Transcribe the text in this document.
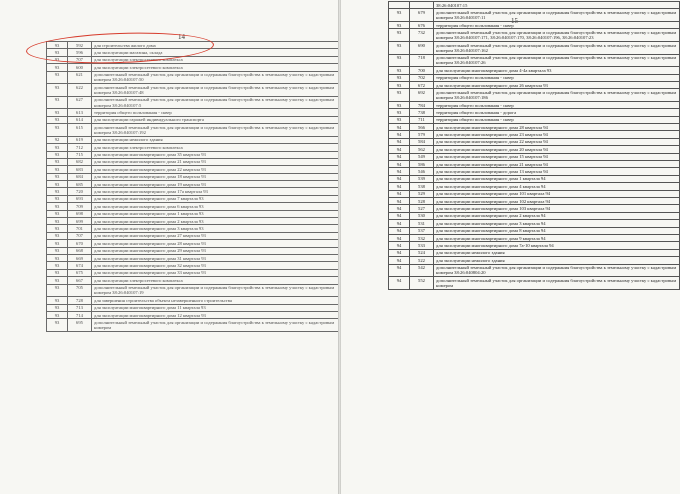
14
93	592	для строительства жилого дома
93	596	для эксплуатации магазина, склада
93	707	для эксплуатации электросетевого комплекса
93	600	для эксплуатации электросетевого комплекса
93	621	дополнительный земельный участок для организации и содержания благоустройства к земельному участку с кадастровым номером 38:26:040107:50
93	622	дополнительный земельный участок для организации и содержания благоустройства к земельному участку с кадастровым номером 38:26:040107:48
93	627	дополнительный земельный участок для организации и содержания благоустройства к земельному участку с кадастровым номером 38:26:040107:5
93	613	территория общего пользования - сквер
93	614	для эксплуатации гаражей индивидуального транспорта
93	615	дополнительный земельный участок для организации и содержания благоустройства к земельному участку с кадастровым номером 38:26:040107:192
92	619	для эксплуатации нежилого здания
93	712	для эксплуатации электросетевого комплекса
93	715	для эксплуатации многоквартирного дома 35 квартала 93
93	682	для эксплуатации многоквартирного дома 21 квартала 93
93	683	для эксплуатации многоквартирного дома 22 квартала 93
93	684	для эксплуатации многоквартирного дома 18 квартала 93
93	685	для эксплуатации многоквартирного дома 19 квартала 93
93	720	для эксплуатации многоквартирного дома 17а квартала 93
93	693	для эксплуатации многоквартирного дома 7 квартала 93
93	709	для эксплуатации многоквартирного дома 6 квартала 93
93	698	для эксплуатации многоквартирного дома 1 квартала 93
93	699	для эксплуатации многоквартирного дома 2 квартала 93
93	701	для эксплуатации многоквартирного дома 3 квартала 93
93	707	для эксплуатации многоквартирного дома 27 квартала 93
93	670	для эксплуатации многоквартирного дома 28 квартала 93
93	668	для эксплуатации многоквартирного дома 29 квартала 93
93	669	для эксплуатации многоквартирного дома 31 квартала 93
93	674	для эксплуатации многоквартирного дома 32 квартала 93
93	675	для эксплуатации многоквартирного дома 33 квартала 93
93	667	для эксплуатации электросетевого комплекса
93	705	дополнительный земельный участок для организации и содержания благоустройства к земельному участку с кадастровым номером 38:26:040107:19
93	728	для завершения строительства объекта незавершенного строительства
93	713	для эксплуатации многоквартирного дома 11 квартала 93
93	714	для эксплуатации многоквартирного дома 12 квартала 93
93	695	дополнительный земельный участок для организации и содержания благоустройства к земельному участку с кадастровым номером
15
		38:26:040107:15
93	679	дополнительный земельный участок для организации и содержания благоустройства к земельному участку с кадастровым номером 38:26:040107:11
93	676	территория общего пользования - сквер
93	732	дополнительный земельный участок для организации и содержания благоустройства к земельному участку с кадастровым номером 38:26:040107:171, 38:26:040107:170, 38:26:040107:196, 38:26:040107:23
93	690	дополнительный земельный участок для организации и содержания благоустройства к земельному участку с кадастровым номером 38:26:040107:162
93	718	дополнительный земельный участок для организации и содержания благоустройства к земельному участку с кадастровым номером 38:26:040107:26
93	700	для эксплуатации многоквартирного дома 4-4а квартала 93
93	702	территория общего пользования - сквер
93	672	для эксплуатации многоквартирного дома 26 квартала 93
93	692	дополнительный земельный участок для организации и содержания благоустройства к земельному участку с кадастровым номером 38:26:040107:186
93	784	территория общего пользования - сквер
93	738	территория общего пользования - дорога
93	711	территория общего пользования - сквер
94	566	для эксплуатации многоквартирного дома 28 квартала 94
94	579	для эксплуатации многоквартирного дома 23 квартала 94
94	584	для эксплуатации многоквартирного дома 22 квартала 94
94	562	для эксплуатации многоквартирного дома 20 квартала 94
94	549	для эксплуатации многоквартирного дома 15 квартала 94
94	586	для эксплуатации многоквартирного дома 21 квартала 94
94	546	для эксплуатации многоквартирного дома 13 квартала 94
94	539	для эксплуатации многоквартирного дома 1 квартала 94
94	538	для эксплуатации многоквартирного дома 4 квартала 94
94	529	для эксплуатации многоквартирного дома 101 квартала 94
94	528	для эксплуатации многоквартирного дома 102 квартала 94
94	527	для эксплуатации многоквартирного дома 103 квартала 94
94	530	для эксплуатации многоквартирного дома 2 квартала 94
94	531	для эксплуатации многоквартирного дома 3 квартала 94
94	537	для эксплуатации многоквартирного дома 8 квартала 94
94	532	для эксплуатации многоквартирного дома 9 квартала 94
94	533	для эксплуатации многоквартирного дома 7а-10 квартала 94
94	524	для эксплуатации нежилого здания
94	522	для эксплуатации нежилого здания
94	542	дополнительный земельный участок для организации и содержания благоустройства к земельному участку с кадастровым номером 38:26:040804:20
94	552	дополнительный земельный участок для организации и содержания благоустройства к земельному участку с кадастровым номером
